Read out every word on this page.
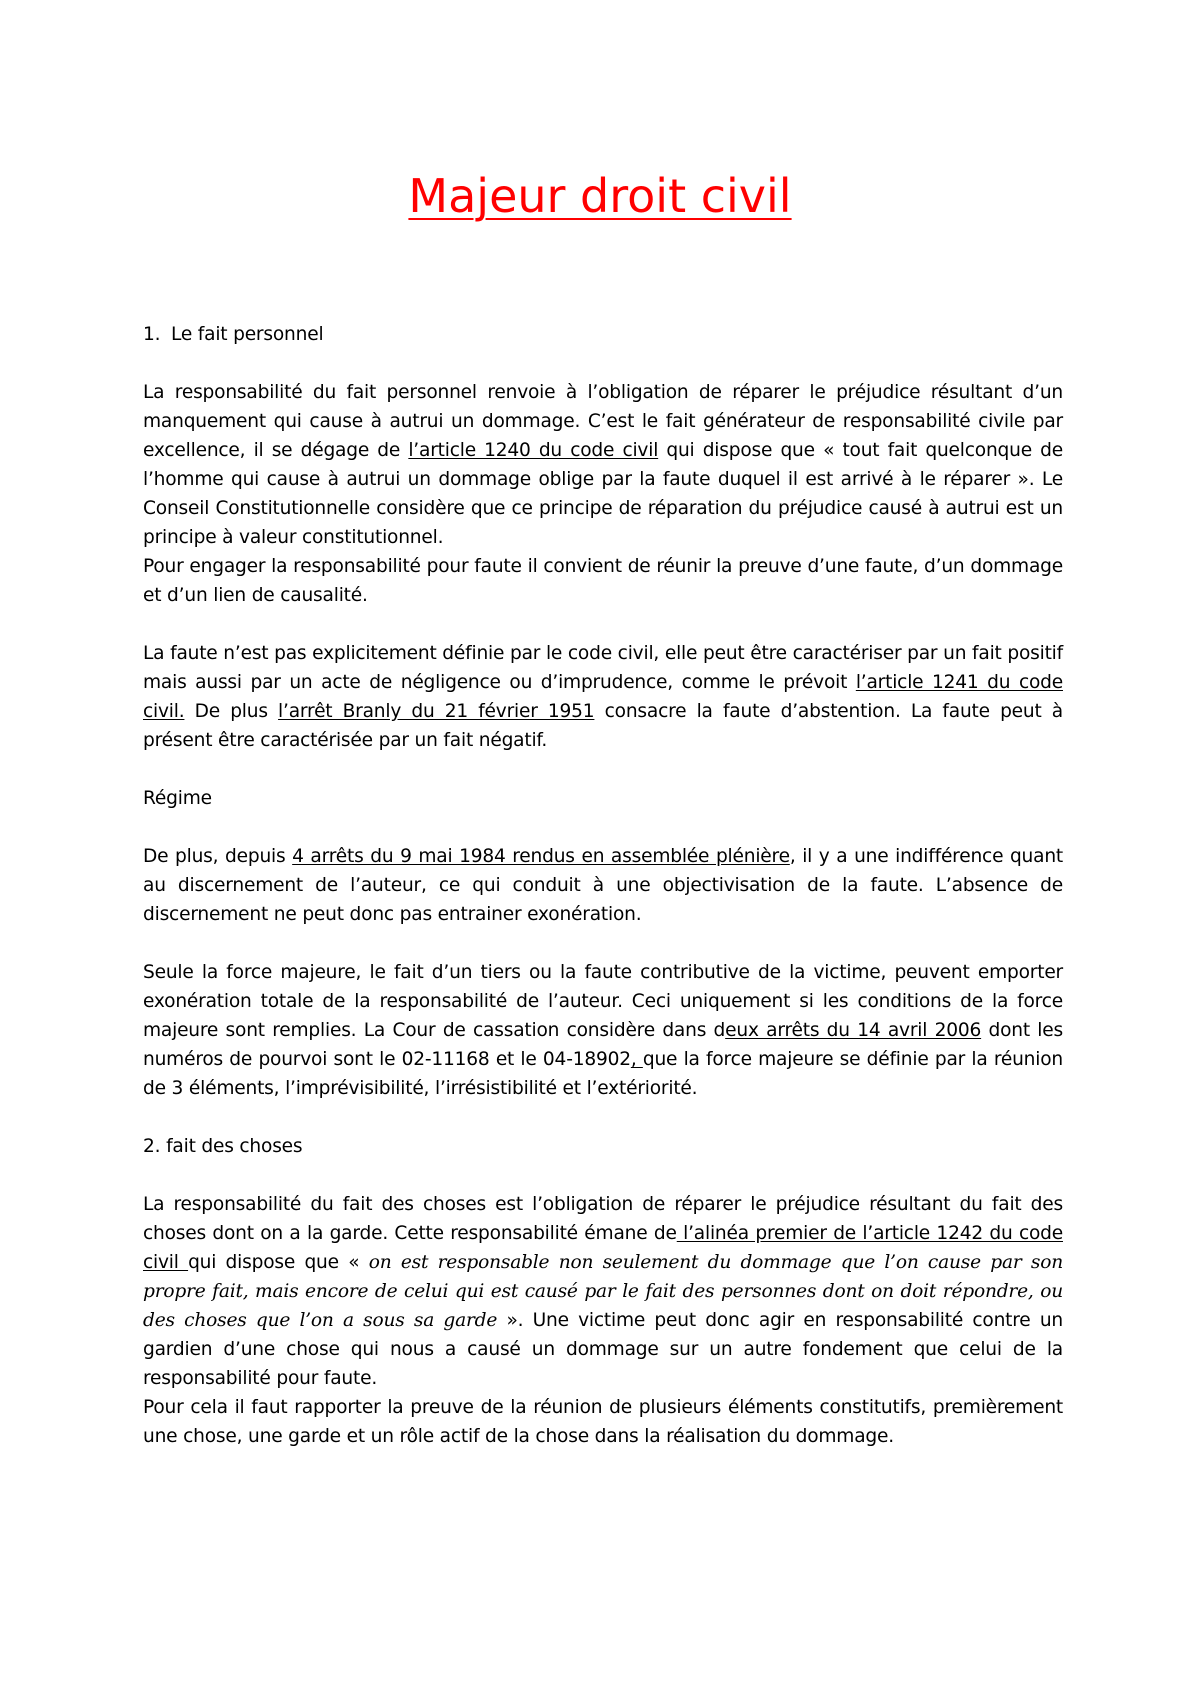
Majeur droit civil

1. Le fait personnel

La responsabilité du fait personnel renvoie à l’obligation de réparer le préjudice résultant d’un manquement qui cause à autrui un dommage. C’est le fait générateur de responsabilité civile par excellence, il se dégage de l’article 1240 du code civil qui dispose que « tout fait quelconque de l’homme qui cause à autrui un dommage oblige par la faute duquel il est arrivé à le réparer ». Le Conseil Constitutionnelle considère que ce principe de réparation du préjudice causé à autrui est un principe à valeur constitutionnel.

Pour engager la responsabilité pour faute il convient de réunir la preuve d’une faute, d’un dommage et d’un lien de causalité.

La faute n’est pas explicitement définie par le code civil, elle peut être caractériser par un fait positif mais aussi par un acte de négligence ou d’imprudence, comme le prévoit l’article 1241 du code civil. De plus l’arrêt Branly du 21 février 1951 consacre la faute d’abstention. La faute peut à présent être caractérisée par un fait négatif.

Régime

De plus, depuis 4 arrêts du 9 mai 1984 rendus en assemblée plénière, il y a une indifférence quant au discernement de l’auteur, ce qui conduit à une objectivisation de la faute. L’absence de discernement ne peut donc pas entrainer exonération.

Seule la force majeure, le fait d’un tiers ou la faute contributive de la victime, peuvent emporter exonération totale de la responsabilité de l’auteur. Ceci uniquement si les conditions de la force majeure sont remplies. La Cour de cassation considère dans deux arrêts du 14 avril 2006 dont les numéros de pourvoi sont le 02-11168 et le 04-18902, que la force majeure se définie par la réunion de 3 éléments, l’imprévisibilité, l’irrésistibilité et l’extériorité.

2. fait des choses

La responsabilité du fait des choses est l’obligation de réparer le préjudice résultant du fait des choses dont on a la garde. Cette responsabilité émane de l’alinéa premier de l’article 1242 du code civil qui dispose que « on est responsable non seulement du dommage que l’on cause par son propre fait, mais encore de celui qui est causé par le fait des personnes dont on doit répondre, ou des choses que l’on a sous sa garde ». Une victime peut donc agir en responsabilité contre un gardien d’une chose qui nous a causé un dommage sur un autre fondement que celui de la responsabilité pour faute.

Pour cela il faut rapporter la preuve de la réunion de plusieurs éléments constitutifs, premièrement une chose, une garde et un rôle actif de la chose dans la réalisation du dommage.
